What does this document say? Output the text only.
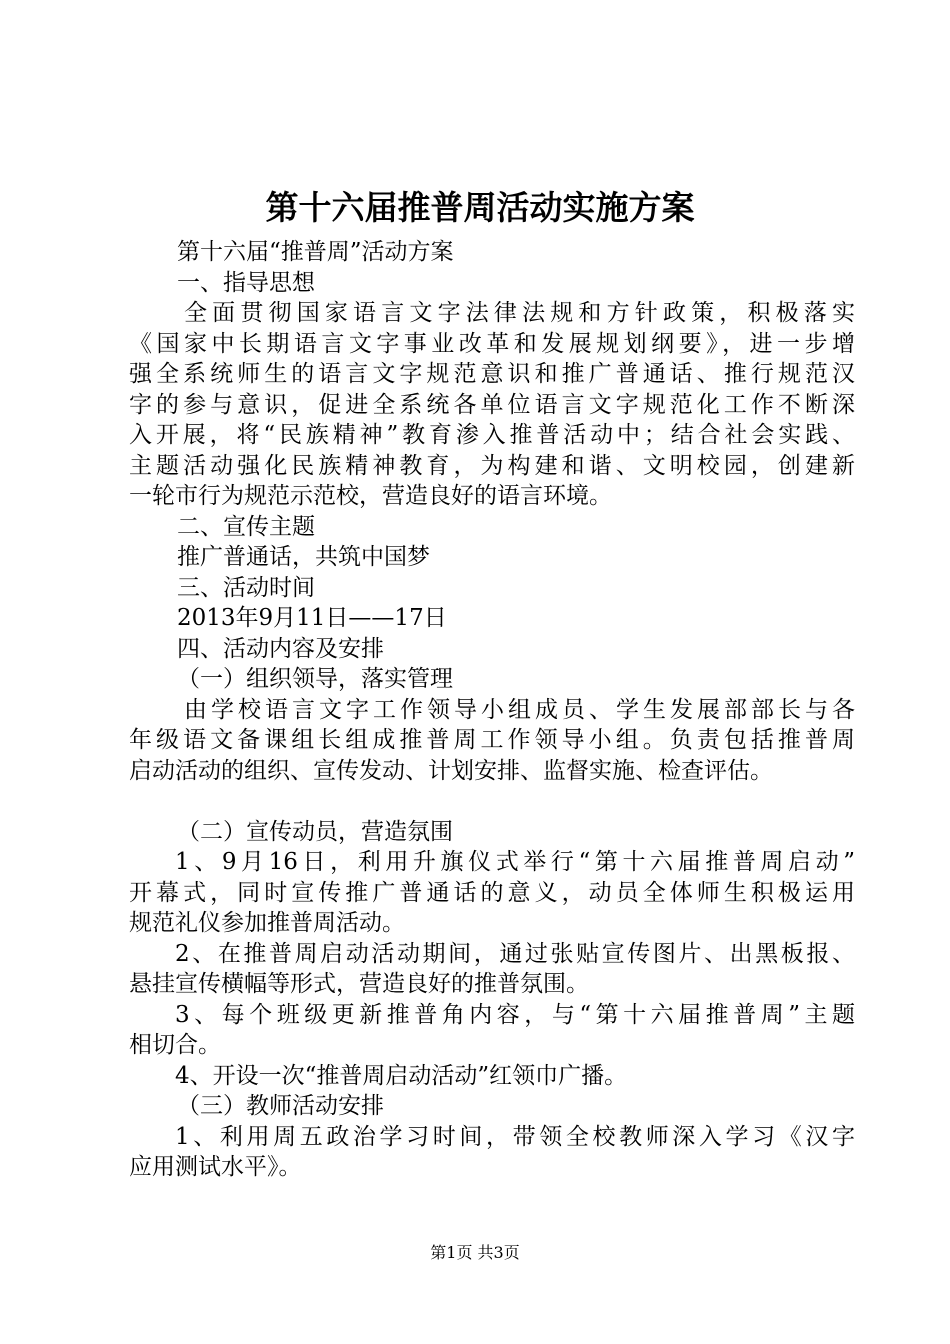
第十六届推普周活动实施方案
第十六届“推普周”活动方案
一、指导思想
全面贯彻国家语言文字法律法规和方针政策，积极落实
《国家中长期语言文字事业改革和发展规划纲要》，进一步增
强全系统师生的语言文字规范意识和推广普通话、推行规范汉
字的参与意识，促进全系统各单位语言文字规范化工作不断深
入开展，将“民族精神”教育渗入推普活动中；结合社会实践、
主题活动强化民族精神教育，为构建和谐、文明校园，创建新
一轮市行为规范示范校，营造良好的语言环境。
二、宣传主题
推广普通话，共筑中国梦
三、活动时间
2013年9月11日——17日
四、活动内容及安排
（一）组织领导，落实管理
由学校语言文字工作领导小组成员、学生发展部部长与各
年级语文备课组长组成推普周工作领导小组。负责包括推普周
启动活动的组织、宣传发动、计划安排、监督实施、检查评估。
（二）宣传动员，营造氛围
1、9月16日，利用升旗仪式举行“第十六届推普周启动”
开幕式，同时宣传推广普通话的意义，动员全体师生积极运用
规范礼仪参加推普周活动。
2、在推普周启动活动期间，通过张贴宣传图片、出黑板报、
悬挂宣传横幅等形式，营造良好的推普氛围。
3、每个班级更新推普角内容，与“第十六届推普周”主题
相切合。
4、开设一次“推普周启动活动”红领巾广播。
（三）教师活动安排
1、利用周五政治学习时间，带领全校教师深入学习《汉字
应用测试水平》。
第1页 共3页
